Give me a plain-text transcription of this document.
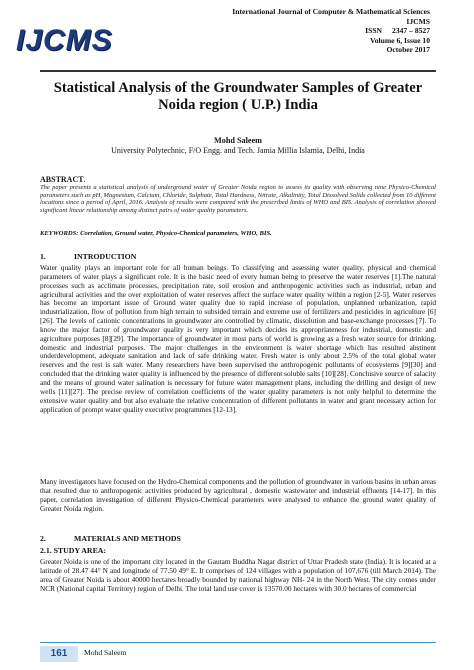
IJCMS
International Journal of Computer & Mathematical Sciences
IJCMS
ISSN 2347 – 8527
Volume 6, Issue 10
October 2017
Statistical Analysis of the Groundwater Samples of Greater Noida region ( U.P.) India
Mohd Saleem
University Polytechnic, F/O Engg. and Tech. Jamia Millia Islamia, Delhi, India
ABSTRACT.
The paper presents a statistical analysis of underground water of Greater Noida region to assess its quality with observing nine Physico-Chemical parameters such as pH, Magnesium, Calcium, Chloride, Sulphate, Total Hardness, Nitrate, Alkalinity, Total Dissolved Solids collected from 10 different locations since a period of April, 2016. Analysis of results were compared with the prescribed limits of WHO and BIS. Analysis of correlation showed significant linear relationship among distinct pairs of water quality parameters.
KEYWORDS: Correlation, Ground water, Physico-Chemical parameters, WHO, BIS.
1.	INTRODUCTION
Water quality plays an important role for all human beings. To classifying and assessing water quality, physical and chemical parameters of water plays a significant role. It is the basic need of every human being to preserve the water reserves [1].The natural processes such as acclimate processes, precipitation rate, soil erosion and anthropogenic activities such as industrial, urban and agricultural activities and the over exploitation of water reserves affect the surface water quality within a region [2-5]. Water reserves has become an important issue of Ground water quality due to rapid increase of population, unplanned urbanization, rapid industrialization, flow of pollution from high terrain to subsided terrain and extreme use of fertilizers and pesticides in agriculture [6][26]. The levels of cationic concentrations in groundwater are controlled by climatic, dissolution and base-exchange processes [7]. To know the major factor of groundwater quality is very important which decides its appropriateness for industrial, domestic and agriculture purposes [8][29]. The importance of groundwater in most parts of world is growing as a fresh water source for drinking, domestic and industrial purposes. The major challenges in the environment is water shortage which has resulted abstinent underdevelopment, adequate sanitation and lack of safe drinking water. Fresh water is only about 2.5% of the total global water reserves and the rest is salt water. Many researchers have been supervised the anthropogenic pollutants of ecosystems [9][30] and concluded that the drinking water quality is influenced by the presence of different soluble salts [10][28]. Conclusive source of salacity and the means of ground water salination is necessary for future water management plans, including the drilling and design of new wells [11][27]. The precise review of correlation coefficients of the water quality parameters is not only helpful to determine the extensive water quality and but also evaluate the relative concentration of different pollutants in water and grant necessary action for application of prompt water quality executive programmes [12-13].
Many investigators have focused on the Hydro-Chemical components and the pollution of groundwater in various basins in urban areas that resulted due to anthropogenic activities produced by agricultural , domestic wastewater and industrial effluents [14-17]. In this paper, correlation investigation of different Physico-Chemical parameters were analysed to enhance the ground water quality of Greater Noida region.
2.	MATERIALS AND METHODS
2.1. STUDY AREA:
Greater Noida is one of the important city located in the Gautam Buddha Nagar district of Uttar Pradesh state (India). It is located at a latitude of 28.47 44° N and longitude of 77.50 49° E. It comprises of 124 villages with a population of 107,676 (till March 2014). The area of Greater Noida is about 40000 hectares broadly bounded by national highway NH- 24 in the North West. The city comes under NCR (National capital Territory) region of Delhi. The total land use cover is 13570.00 hectares with 30.0 hectares of commercial
161	Mohd Saleem
